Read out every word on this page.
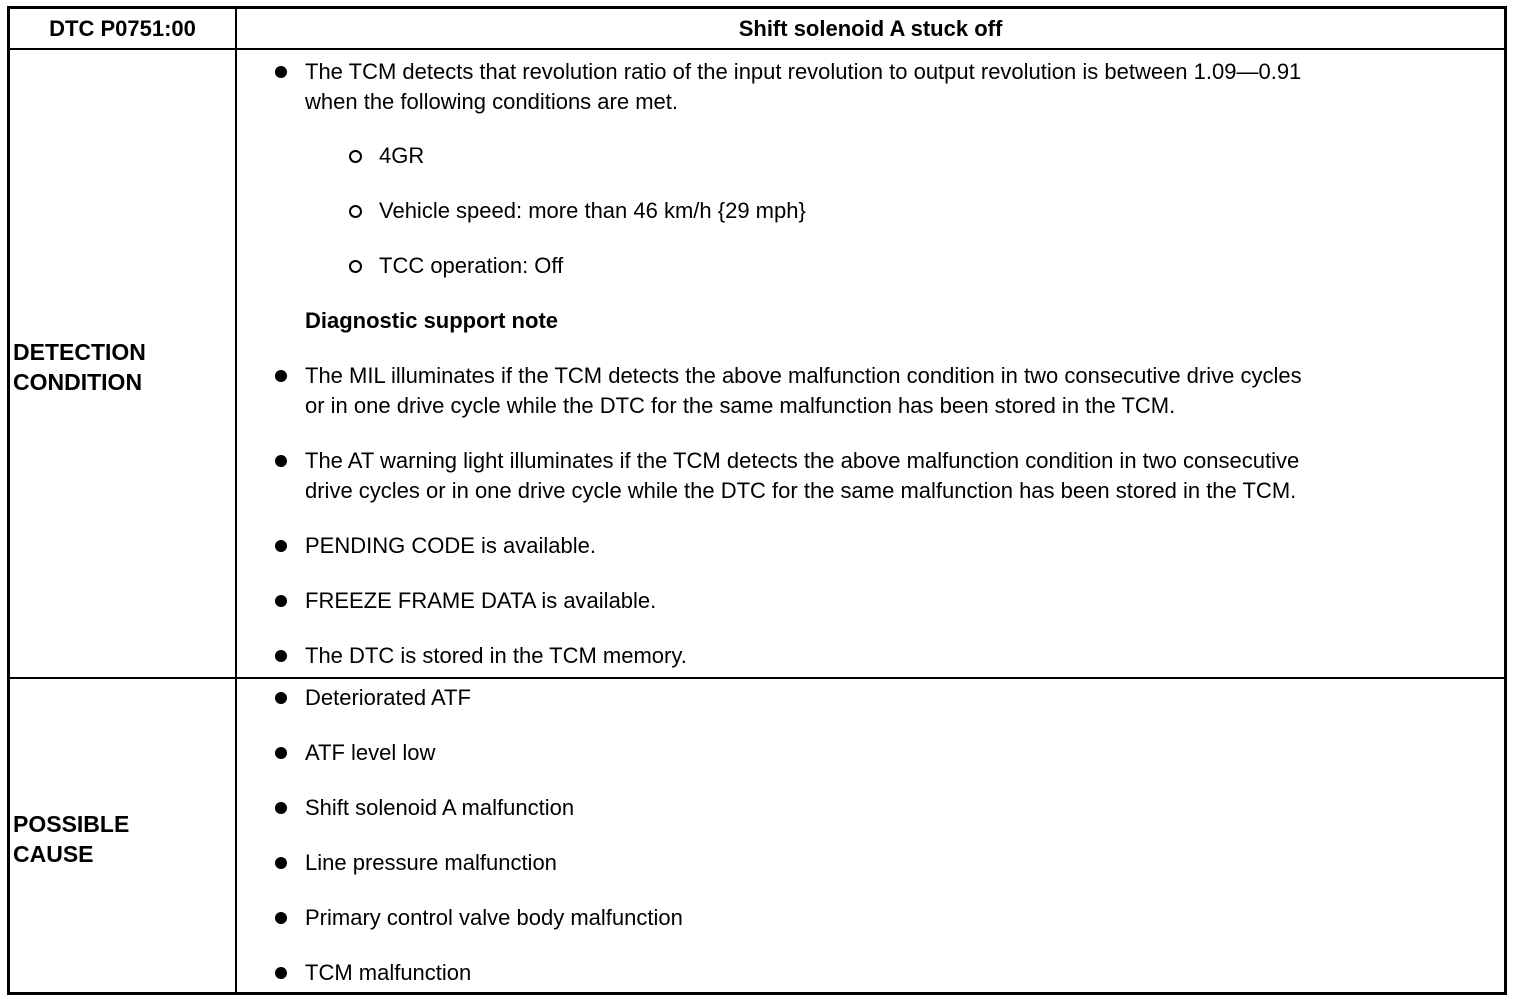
DTC P0751:00	Shift solenoid A stuck off
DETECTION
CONDITION
POSSIBLE
CAUSE
The TCM detects that revolution ratio of the input revolution to output revolution is between 1.09—0.91
when the following conditions are met.
4GR
Vehicle speed: more than 46 km/h {29 mph}
TCC operation: Off
Diagnostic support note
The MIL illuminates if the TCM detects the above malfunction condition in two consecutive drive cycles
or in one drive cycle while the DTC for the same malfunction has been stored in the TCM.
The AT warning light illuminates if the TCM detects the above malfunction condition in two consecutive
drive cycles or in one drive cycle while the DTC for the same malfunction has been stored in the TCM.
PENDING CODE is available.
FREEZE FRAME DATA is available.
The DTC is stored in the TCM memory.
Deteriorated ATF
ATF level low
Shift solenoid A malfunction
Line pressure malfunction
Primary control valve body malfunction
TCM malfunction
